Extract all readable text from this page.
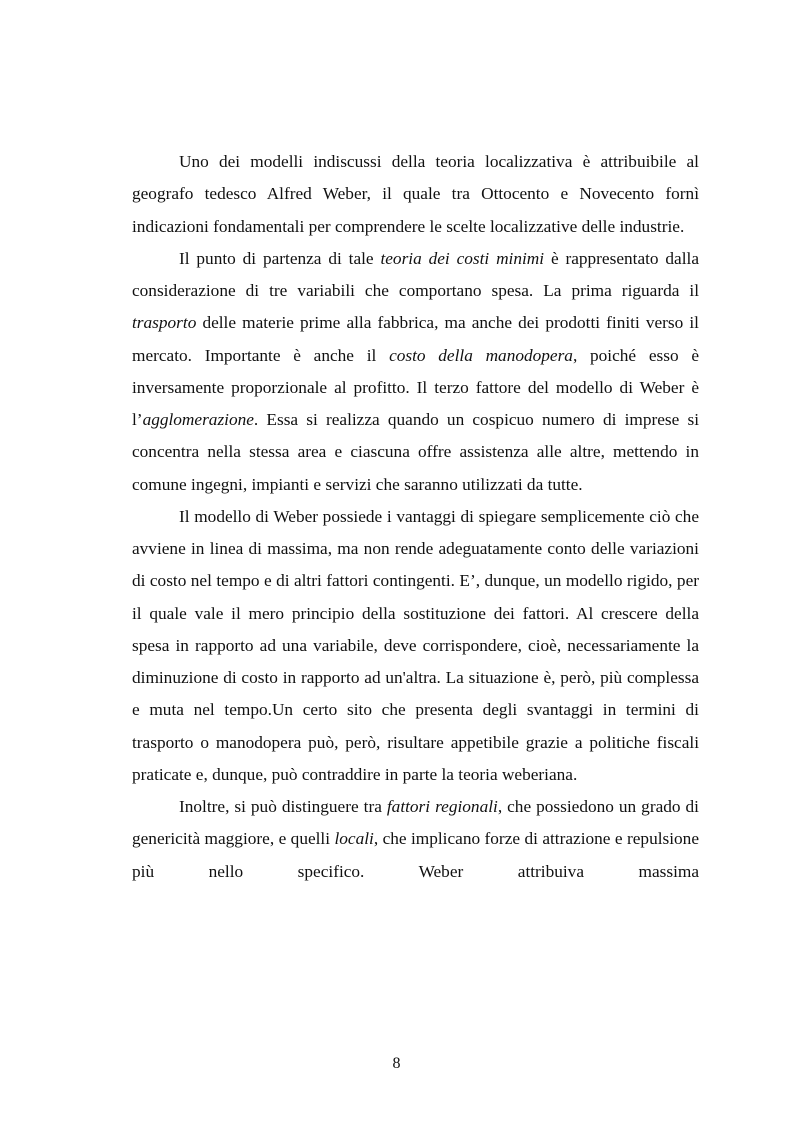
Uno dei modelli indiscussi della teoria localizzativa è attribuibile al geografo tedesco Alfred Weber, il quale tra Ottocento e Novecento fornì indicazioni fondamentali per comprendere le scelte localizzative delle industrie.

Il punto di partenza di tale teoria dei costi minimi è rappresentato dalla considerazione di tre variabili che comportano spesa. La prima riguarda il trasporto delle materie prime alla fabbrica, ma anche dei prodotti finiti verso il mercato. Importante è anche il costo della manodopera, poiché esso è inversamente proporzionale al profitto. Il terzo fattore del modello di Weber è l’agglomerazione. Essa si realizza quando un cospicuo numero di imprese si concentra nella stessa area e ciascuna offre assistenza alle altre, mettendo in comune ingegni, impianti e servizi che saranno utilizzati da tutte.

Il modello di Weber possiede i vantaggi di spiegare semplicemente ciò che avviene in linea di massima, ma non rende adeguatamente conto delle variazioni di costo nel tempo e di altri fattori contingenti. E’, dunque, un modello rigido, per il quale vale il mero principio della sostituzione dei fattori. Al crescere della spesa in rapporto ad una variabile, deve corrispondere, cioè, necessariamente la diminuzione di costo in rapporto ad un'altra. La situazione è, però, più complessa e muta nel tempo.Un certo sito che presenta degli svantaggi in termini di trasporto o manodopera può, però, risultare appetibile grazie a politiche fiscali praticate e, dunque, può contraddire in parte la teoria weberiana.

Inoltre, si può distinguere tra fattori regionali, che possiedono un grado di genericità maggiore, e quelli locali, che implicano forze di attrazione e repulsione più nello specifico. Weber attribuiva massima

8
